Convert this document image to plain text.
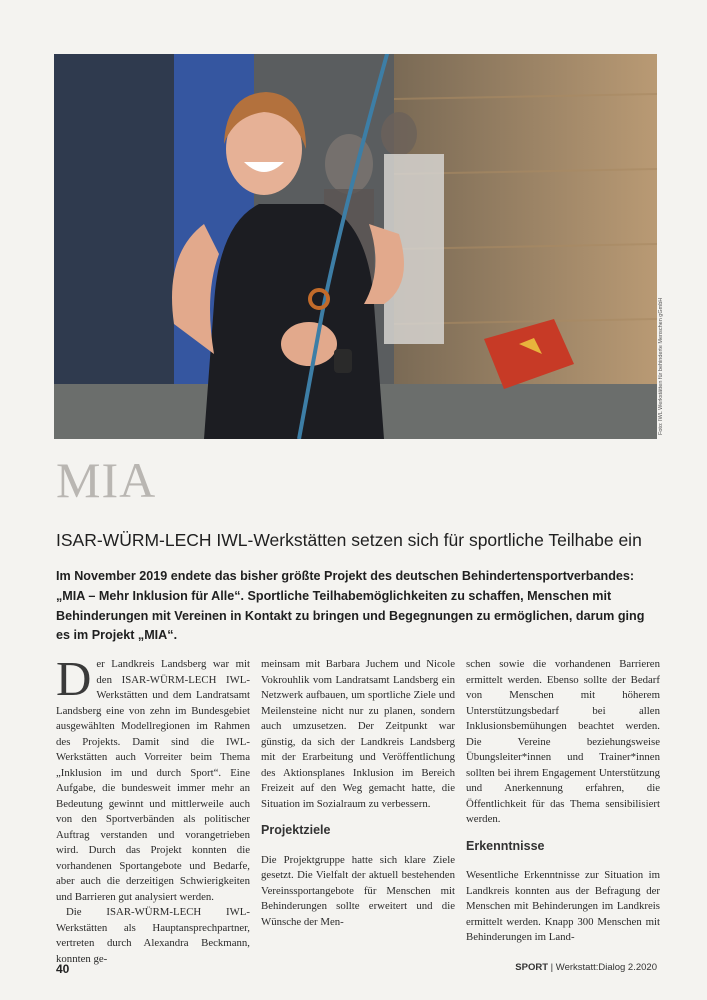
Foto: IWL Werkstätten für behinderte Menschen gGmbH
MIA
ISAR-WÜRM-LECH IWL-Werkstätten setzen sich für sportliche Teilhabe ein

Im November 2019 endete das bisher größte Projekt des deutschen Behindertensportverbandes: „MIA – Mehr Inklusion für Alle“. Sportliche Teilhabemöglichkeiten zu schaffen, Menschen mit Behinderungen mit Vereinen in Kontakt zu bringen und Begegnungen zu ermöglichen, darum ging es im Projekt „MIA“.

Der Landkreis Landsberg war mit den ISAR-WÜRM-LECH IWL-Werkstätten und dem Landratsamt Landsberg eine von zehn im Bundesgebiet ausgewählten Modellregionen im Rahmen des Projekts. Damit sind die IWL-Werkstätten auch Vorreiter beim Thema „Inklusion im und durch Sport“. Eine Aufgabe, die bundesweit immer mehr an Bedeutung gewinnt und mittlerweile auch von den Sportverbänden als politischer Auftrag verstanden und vorangetrieben wird. Durch das Projekt konnten die vorhandenen Sportangebote und Bedarfe, aber auch die derzeitigen Schwierigkeiten und Barrieren gut analysiert werden.

Die ISAR-WÜRM-LECH IWL-Werkstätten als Hauptansprechpartner, vertreten durch Alexandra Beckmann, konnten ge-

meinsam mit Barbara Juchem und Nicole Vokrouhlik vom Landratsamt Landsberg ein Netzwerk aufbauen, um sportliche Ziele und Meilensteine nicht nur zu planen, sondern auch umzusetzen. Der Zeitpunkt war günstig, da sich der Landkreis Landsberg mit der Erarbeitung und Veröffentlichung des Aktionsplanes Inklusion im Bereich Freizeit auf den Weg gemacht hatte, die Situation im Sozialraum zu verbessern.

Projektziele

Die Projektgruppe hatte sich klare Ziele gesetzt. Die Vielfalt der aktuell bestehenden Vereinssportangebote für Menschen mit Behinderungen sollte erweitert und die Wünsche der Men-

schen sowie die vorhandenen Barrieren ermittelt werden. Ebenso sollte der Bedarf von Menschen mit höherem Unterstützungsbedarf bei allen Inklusionsbemühungen beachtet werden. Die Vereine beziehungsweise Übungsleiter*innen und Trainer*innen sollten bei ihrem Engagement Unterstützung und Anerkennung erfahren, die Öffentlichkeit für das Thema sensibilisiert werden.

Erkenntnisse

Wesentliche Erkenntnisse zur Situation im Landkreis konnten aus der Befragung der Menschen mit Behinderungen im Landkreis ermittelt werden. Knapp 300 Menschen mit Behinderungen im Land-

40	SPORT | Werkstatt:Dialog 2.2020
